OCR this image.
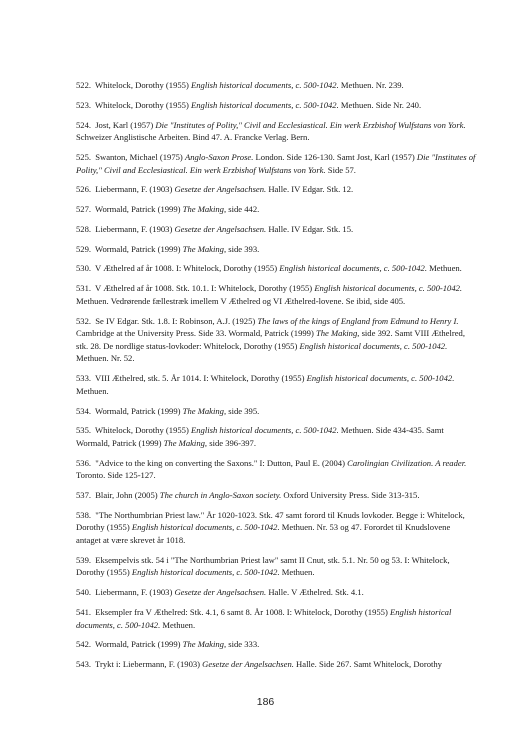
522. Whitelock, Dorothy (1955) English historical documents, c. 500-1042. Methuen. Nr. 239.

523. Whitelock, Dorothy (1955) English historical documents, c. 500-1042. Methuen. Side Nr. 240.

524. Jost, Karl (1957) Die "Institutes of Polity," Civil and Ecclesiastical. Ein werk Erzbishof Wulfstans von York. Schweizer Anglistische Arbeiten. Bind 47. A. Francke Verlag. Bern.

525. Swanton, Michael (1975) Anglo-Saxon Prose. London. Side 126-130. Samt Jost, Karl (1957) Die "Institutes of Polity," Civil and Ecclesiastical. Ein werk Erzbishof Wulfstans von York. Side 57.

526. Liebermann, F. (1903) Gesetze der Angelsachsen. Halle. IV Edgar. Stk. 12.

527. Wormald, Patrick (1999) The Making, side 442.

528. Liebermann, F. (1903) Gesetze der Angelsachsen. Halle. IV Edgar. Stk. 15.

529. Wormald, Patrick (1999) The Making, side 393.

530. V Æthelred af år 1008. I: Whitelock, Dorothy (1955) English historical documents, c. 500-1042. Methuen.

531. V Æthelred af år 1008. Stk. 10.1. I: Whitelock, Dorothy (1955) English historical documents, c. 500-1042. Methuen. Vedrørende fællestræk imellem V Æthelred og VI Æthelred-lovene. Se ibid, side 405.

532. Se IV Edgar. Stk. 1.8. I: Robinson, A.J. (1925) The laws of the kings of England from Edmund to Henry I. Cambridge at the University Press. Side 33. Wormald, Patrick (1999) The Making, side 392. Samt VIII Æthelred, stk. 28. De nordlige status-lovkoder: Whitelock, Dorothy (1955) English historical documents, c. 500-1042. Methuen. Nr. 52.

533. VIII Æthelred, stk. 5. År 1014. I: Whitelock, Dorothy (1955) English historical documents, c. 500-1042. Methuen.

534. Wormald, Patrick (1999) The Making, side 395.

535. Whitelock, Dorothy (1955) English historical documents, c. 500-1042. Methuen. Side 434-435. Samt Wormald, Patrick (1999) The Making, side 396-397.

536. "Advice to the king on converting the Saxons." I: Dutton, Paul E. (2004) Carolingian Civilization. A reader. Toronto. Side 125-127.

537. Blair, John (2005) The church in Anglo-Saxon society. Oxford University Press. Side 313-315.

538. "The Northumbrian Priest law." År 1020-1023. Stk. 47 samt forord til Knuds lovkoder. Begge i: Whitelock, Dorothy (1955) English historical documents, c. 500-1042. Methuen. Nr. 53 og 47. Forordet til Knudslovene antaget at være skrevet år 1018.

539. Eksempelvis stk. 54 i "The Northumbrian Priest law" samt II Cnut, stk. 5.1. Nr. 50 og 53. I: Whitelock, Dorothy (1955) English historical documents, c. 500-1042. Methuen.

540. Liebermann, F. (1903) Gesetze der Angelsachsen. Halle. V Æthelred. Stk. 4.1.

541. Eksempler fra V Æthelred: Stk. 4.1, 6 samt 8. År 1008. I: Whitelock, Dorothy (1955) English historical documents, c. 500-1042. Methuen.

542. Wormald, Patrick (1999) The Making, side 333.

543. Trykt i: Liebermann, F. (1903) Gesetze der Angelsachsen. Halle. Side 267. Samt Whitelock, Dorothy

186
